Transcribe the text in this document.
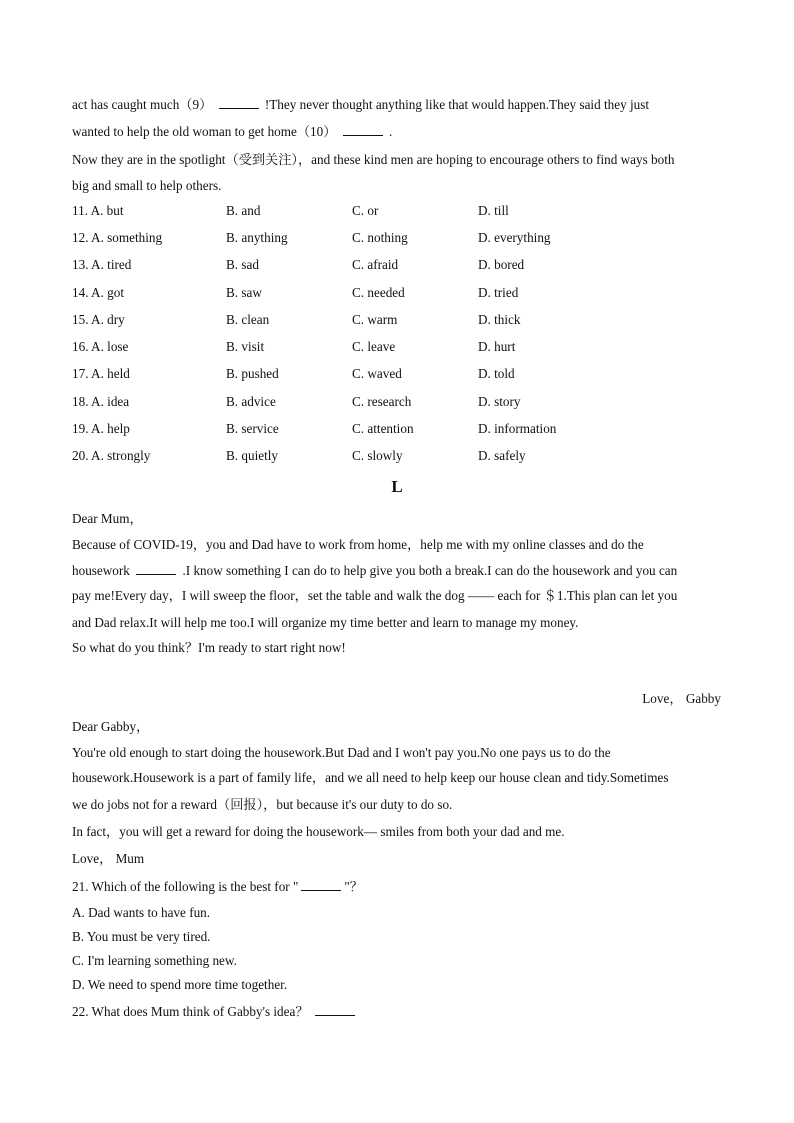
act has caught much（9）	!They never thought anything like that would happen.They said they just
wanted to help the old woman to get home（10）	.
Now they are in the spotlight（受到关注），and these kind men are hoping to encourage others to find ways both
big and small to help others.
11. A. but	B. and	C. or	D. till
12. A. something	B. anything	C. nothing	D. everything
13. A. tired	B. sad	C. afraid	D. bored
14. A. got	B. saw	C. needed	D. tried
15. A. dry	B. clean	C. warm	D. thick
16. A. lose	B. visit	C. leave	D. hurt
17. A. held	B. pushed	C. waved	D. told
18. A. idea	B. advice	C. research	D. story
19. A. help	B. service	C. attention	D. information
20. A. strongly	B. quietly	C. slowly	D. safely
L
Dear Mum，
Because of COVID-19，you and Dad have to work from home，help me with my online classes and do the
housework	.I know something I can do to help give you both a break.I can do the housework and you can
pay me!Every day，I will sweep the floor，set the table and walk the dog —— each for ＄1.This plan can let you
and Dad relax.It will help me too.I will organize my time better and learn to manage my money.
So what do you think？I'm ready to start right now!
Love， Gabby
Dear Gabby，
You're old enough to start doing the housework.But Dad and I won't pay you.No one pays us to do the
housework.Housework is a part of family life，and we all need to help keep our house clean and tidy.Sometimes
we do jobs not for a reward（回报），but because it's our duty to do so.
In fact，you will get a reward for doing the housework— smiles from both your dad and me.
Love， Mum
21. Which of the following is the best for "	"？
A. Dad wants to have fun.
B. You must be very tired.
C. I'm learning something new.
D. We need to spend more time together.
22. What does Mum think of Gabby's idea？
